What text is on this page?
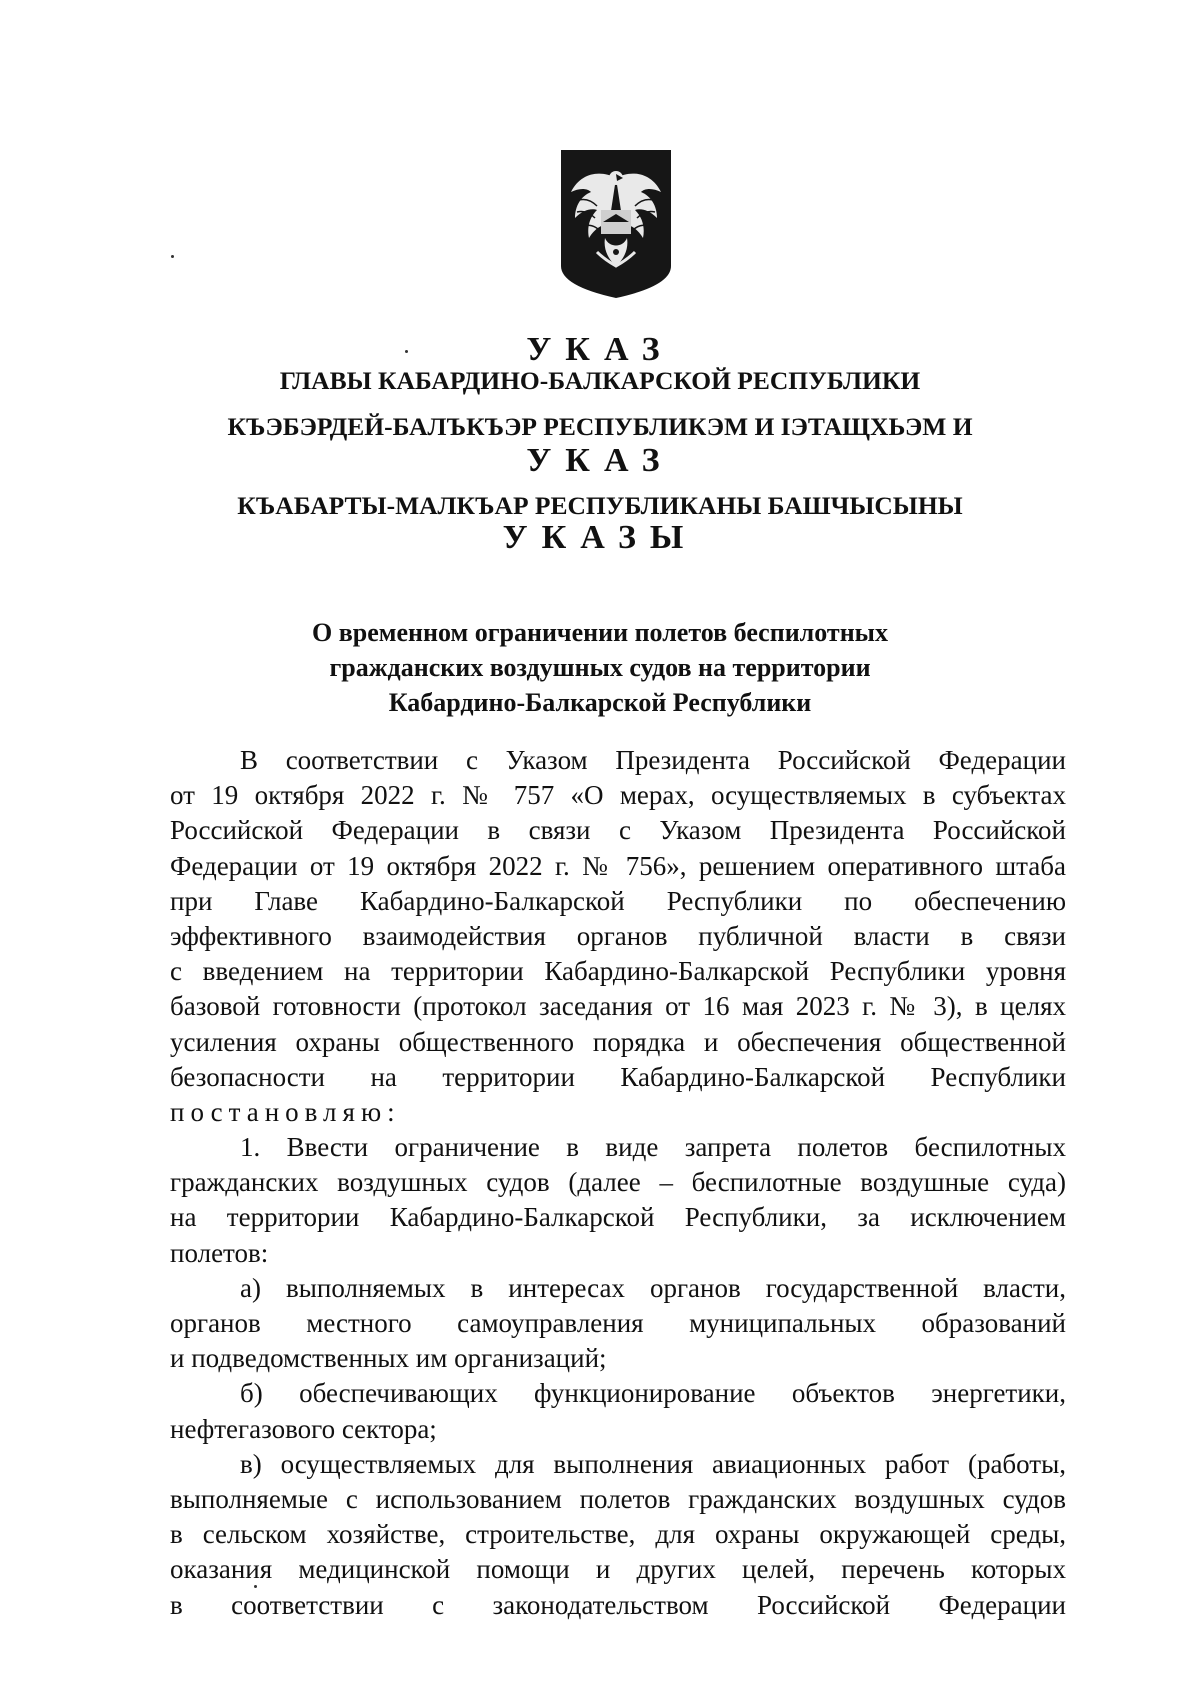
УКАЗ
ГЛАВЫ КАБАРДИНО-БАЛКАРСКОЙ РЕСПУБЛИКИ
КЪЭБЭРДЕЙ-БАЛЪКЪЭР РЕСПУБЛИКЭМ И IЭТАЩХЬЭМ И
УКАЗ
КЪАБАРТЫ-МАЛКЪАР РЕСПУБЛИКАНЫ БАШЧЫСЫНЫ
УКАЗЫ
О временном ограничении полетов беспилотных
гражданских воздушных судов на территории
Кабардино-Балкарской Республики
В соответствии с Указом Президента Российской Федерации
от 19 октября 2022 г. № 757 «О мерах, осуществляемых в субъектах
Российской Федерации в связи с Указом Президента Российской
Федерации от 19 октября 2022 г. № 756», решением оперативного штаба
при Главе Кабардино-Балкарской Республики по обеспечению
эффективного взаимодействия органов публичной власти в связи
с введением на территории Кабардино-Балкарской Республики уровня
базовой готовности (протокол заседания от 16 мая 2023 г. № 3), в целях
усиления охраны общественного порядка и обеспечения общественной
безопасности на территории Кабардино-Балкарской Республики
постановляю:
1. Ввести ограничение в виде запрета полетов беспилотных
гражданских воздушных судов (далее – беспилотные воздушные суда)
на территории Кабардино-Балкарской Республики, за исключением
полетов:
а) выполняемых в интересах органов государственной власти,
органов местного самоуправления муниципальных образований
и подведомственных им организаций;
б) обеспечивающих функционирование объектов энергетики,
нефтегазового сектора;
в) осуществляемых для выполнения авиационных работ (работы,
выполняемые с использованием полетов гражданских воздушных судов
в сельском хозяйстве, строительстве, для охраны окружающей среды,
оказания медицинской помощи и других целей, перечень которых
в соответствии с законодательством Российской Федерации
